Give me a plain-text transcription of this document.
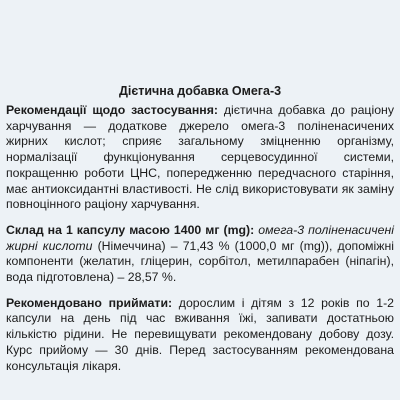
Дієтична добавка Омега-3

Рекомендації щодо застосування: дієтична добавка до раціону харчування — додаткове джерело омега-3 поліненасичених жирних кислот; сприяє загальному зміцненню організму, нормалізації функціонування серцевосудинної системи, покращенню роботи ЦНС, попередженню передчасного старіння, має антиоксидантні властивості. Не слід використовувати як заміну повноцінного раціону харчування.

Склад на 1 капсулу масою 1400 мг (mg): омега-3 поліненасичені жирні кислоти (Німеччина) – 71,43 % (1000,0 мг (mg)), допоміжні компоненти (желатин, гліцерин, сорбітол, метилпарабен (ніпагін), вода підготовлена) – 28,57 %.

Рекомендовано приймати: дорослим і дітям з 12 років по 1-2 капсули на день під час вживання їжі, запивати достатньою кількістю рідини. Не перевищувати рекомендовану добову дозу. Курс прийому — 30 днів. Перед застосуванням рекомендована консультація лікаря.
